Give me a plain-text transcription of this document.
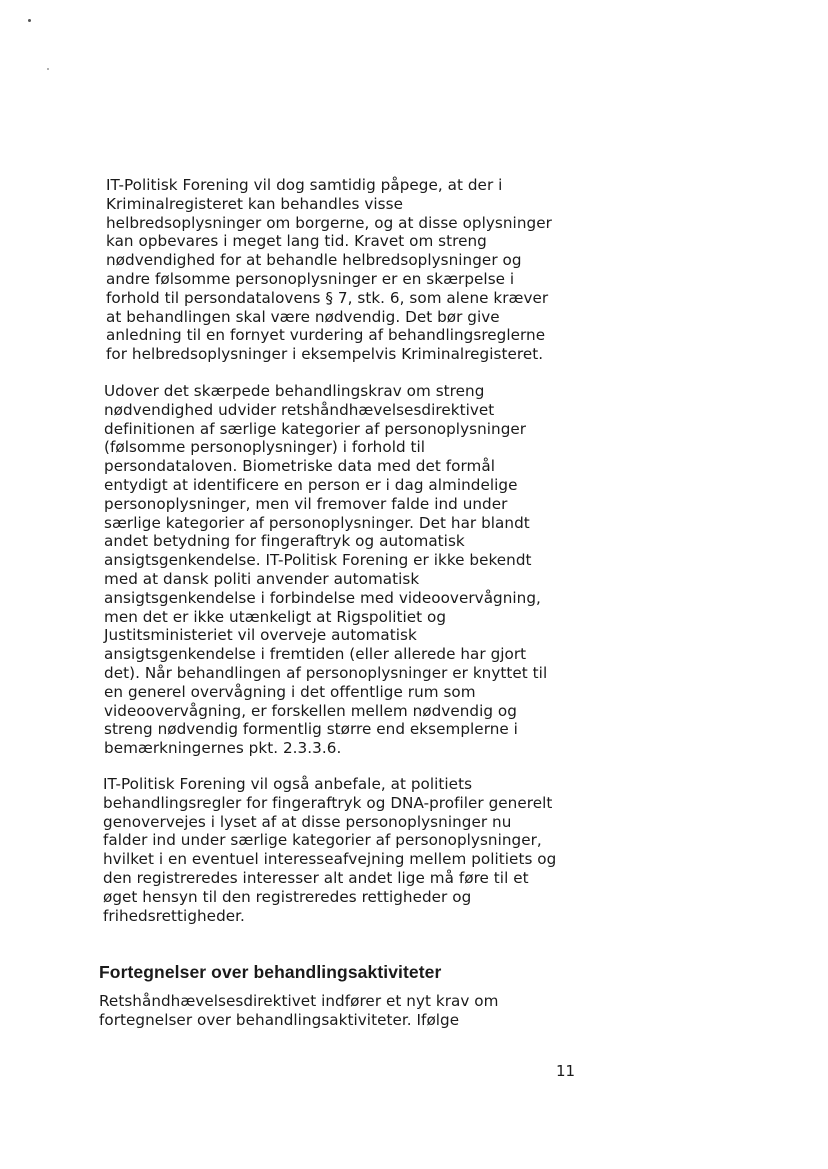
IT-Politisk Forening vil dog samtidig påpege, at der i
Kriminalregisteret kan behandles visse
helbredsoplysninger om borgerne, og at disse oplysninger
kan opbevares i meget lang tid. Kravet om streng
nødvendighed for at behandle helbredsoplysninger og
andre følsomme personoplysninger er en skærpelse i
forhold til persondatalovens § 7, stk. 6, som alene kræver
at behandlingen skal være nødvendig. Det bør give
anledning til en fornyet vurdering af behandlingsreglerne
for helbredsoplysninger i eksempelvis Kriminalregisteret.

Udover det skærpede behandlingskrav om streng
nødvendighed udvider retshåndhævelsesdirektivet
definitionen af særlige kategorier af personoplysninger
(følsomme personoplysninger) i forhold til
persondataloven. Biometriske data med det formål
entydigt at identificere en person er i dag almindelige
personoplysninger, men vil fremover falde ind under
særlige kategorier af personoplysninger. Det har blandt
andet betydning for fingeraftryk og automatisk
ansigtsgenkendelse. IT-Politisk Forening er ikke bekendt
med at dansk politi anvender automatisk
ansigtsgenkendelse i forbindelse med videoovervågning,
men det er ikke utænkeligt at Rigspolitiet og
Justitsministeriet vil overveje automatisk
ansigtsgenkendelse i fremtiden (eller allerede har gjort
det). Når behandlingen af personoplysninger er knyttet til
en generel overvågning i det offentlige rum som
videoovervågning, er forskellen mellem nødvendig og
streng nødvendig formentlig større end eksemplerne i
bemærkningernes pkt. 2.3.3.6.

IT-Politisk Forening vil også anbefale, at politiets
behandlingsregler for fingeraftryk og DNA-profiler generelt
genovervejes i lyset af at disse personoplysninger nu
falder ind under særlige kategorier af personoplysninger,
hvilket i en eventuel interesseafvejning mellem politiets og
den registreredes interesser alt andet lige må føre til et
øget hensyn til den registreredes rettigheder og
frihedsrettigheder.

Fortegnelser over behandlingsaktiviteter

Retshåndhævelsesdirektivet indfører et nyt krav om
fortegnelser over behandlingsaktiviteter. Ifølge

11
